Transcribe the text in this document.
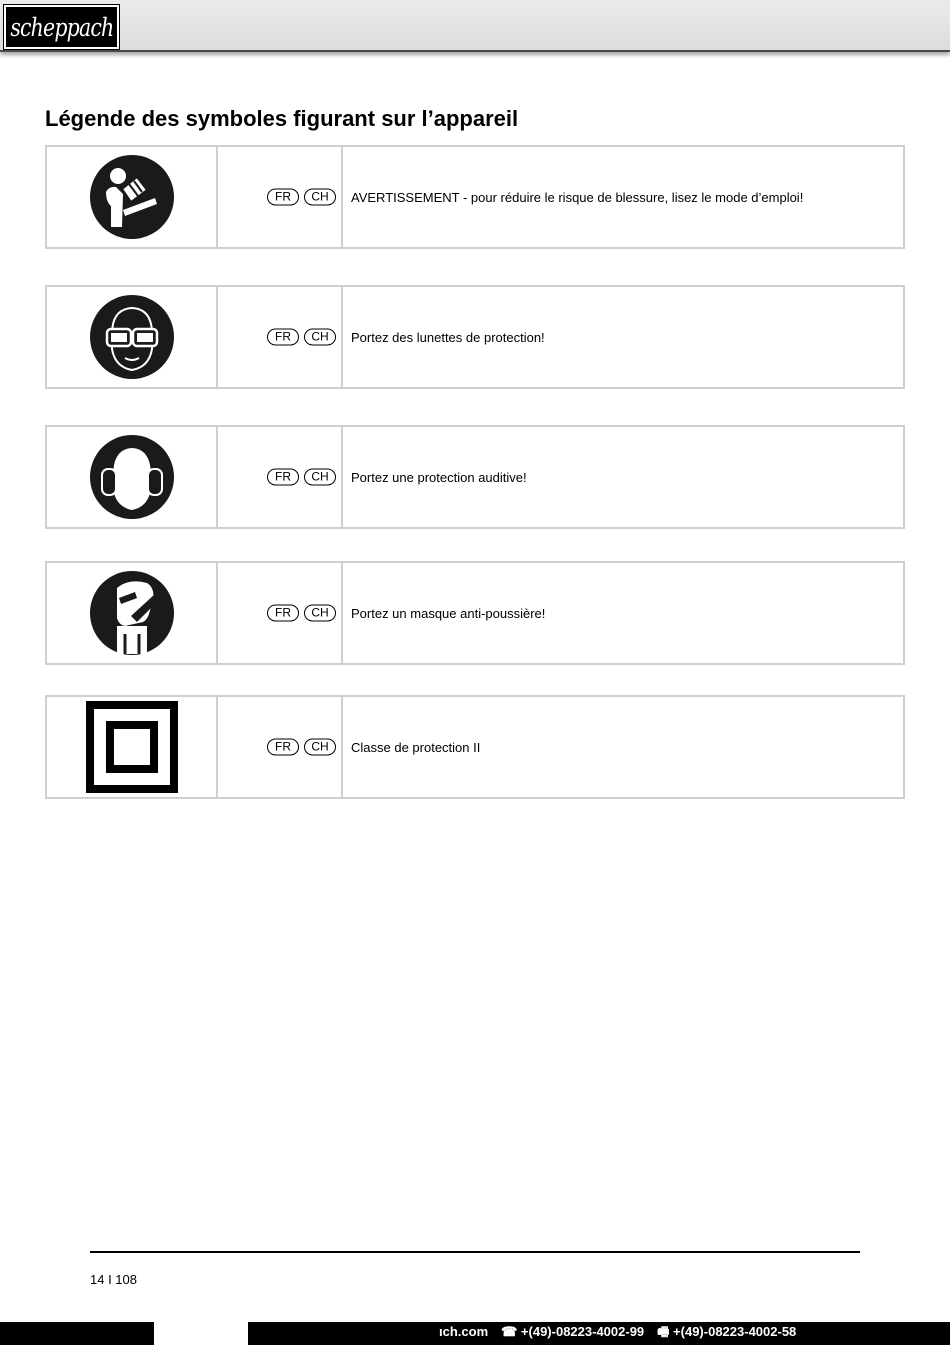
scheppach
Légende des symboles figurant sur l’appareil
FR	CH	AVERTISSEMENT - pour réduire le risque de blessure, lisez le mode d’emploi!
FR	CH	Portez des lunettes de protection!
FR	CH	Portez une protection auditive!
FR	CH	Portez un masque anti-poussière!
FR	CH	Classe de protection II
14 I 108
ıch.com ☎ +(49)-08223-4002-99 🖷 +(49)-08223-4002-58
